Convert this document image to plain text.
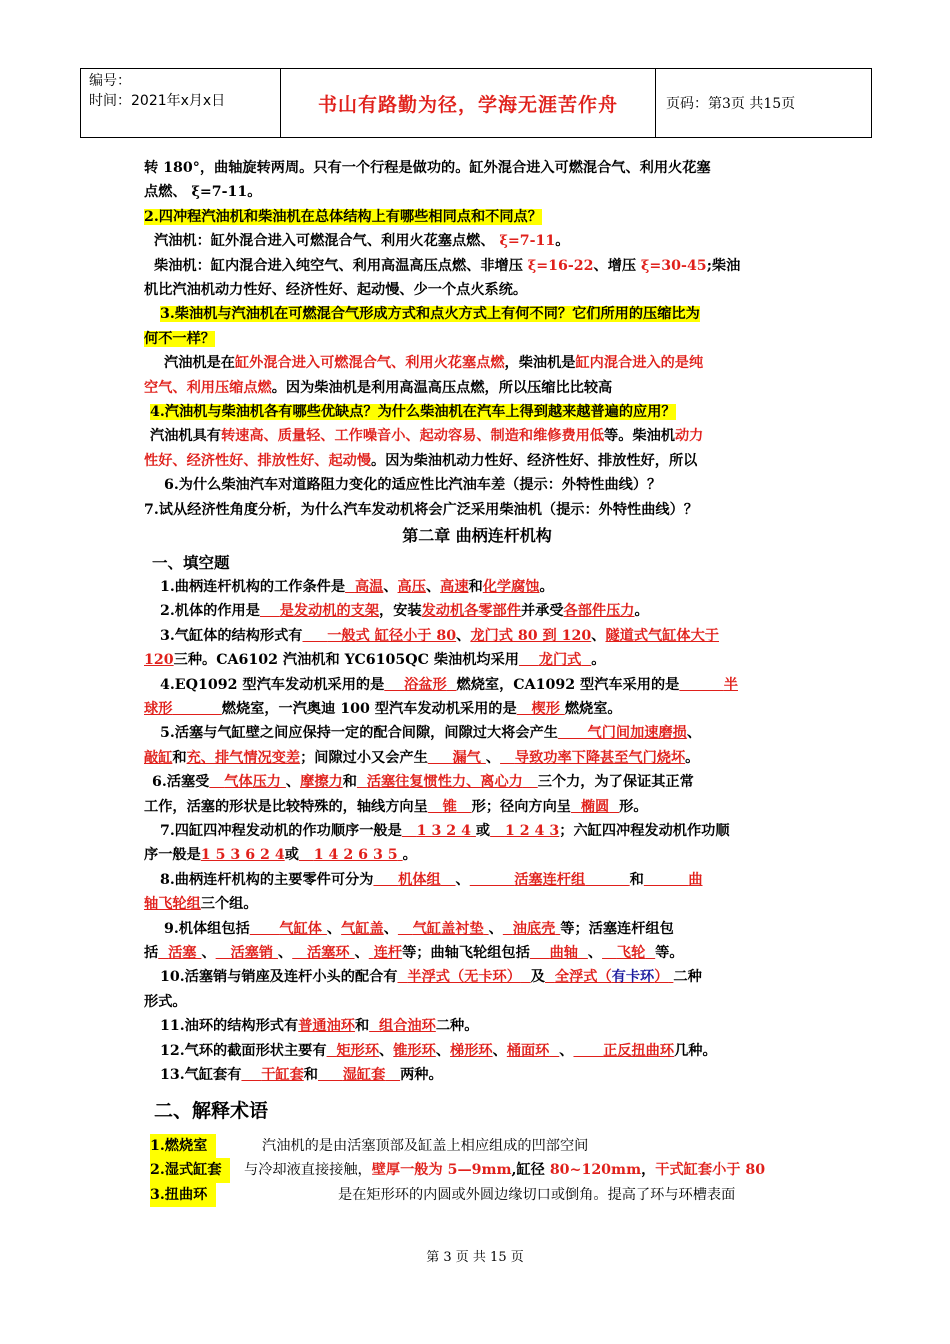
编号：
时间：2021年x月x日	书山有路勤为径，学海无涯苦作舟	页码：第3页 共15页

转 180°，曲轴旋转两周。只有一个行程是做功的。缸外混合进入可燃混合气、利用火花塞

点燃、 ξ=7-11。

2.四冲程汽油机和柴油机在总体结构上有哪些相同点和不同点？

汽油机：缸外混合进入可燃混合气、利用火花塞点燃、 ξ=7-11。

柴油机：缸内混合进入纯空气、利用高温高压点燃、非增压 ξ=16-22、增压 ξ=30-45;柴油

机比汽油机动力性好、经济性好、起动慢、少一个点火系统。

3.柴油机与汽油机在可燃混合气形成方式和点火方式上有何不同？它们所用的压缩比为

何不一样？

汽油机是在缸外混合进入可燃混合气、利用火花塞点燃，柴油机是缸内混合进入的是纯

空气、利用压缩点燃。因为柴油机是利用高温高压点燃，所以压缩比比较高

4.汽油机与柴油机各有哪些优缺点？为什么柴油机在汽车上得到越来越普遍的应用？

汽油机具有转速高、质量轻、工作噪音小、起动容易、制造和维修费用低等。柴油机动力

性好、经济性好、排放性好、起动慢。因为柴油机动力性好、经济性好、排放性好，所以

6.为什么柴油汽车对道路阻力变化的适应性比汽油车差（提示：外特性曲线）？

7.试从经济性角度分析，为什么汽车发动机将会广泛采用柴油机（提示：外特性曲线）？

第二章 曲柄连杆机构

一、填空题

1.曲柄连杆机构的工作条件是 高温、高压、高速和化学腐蚀。

2.机体的作用是 是发动机的支架，安装发动机各零部件并承受各部件压力。

3.气缸体的结构形式有 一般式 缸径小于 80、龙门式 80 到 120、隧道式气缸体大于

120三种。CA6102 汽油机和 YC6105QC 柴油机均采用 龙门式 。

4.EQ1092 型汽车发动机采用的是 浴盆形 燃烧室，CA1092 型汽车采用的是	半

球形	燃烧室，一汽奥迪 100 型汽车发动机采用的是 楔形 燃烧室。

5.活塞与气缸壁之间应保持一定的配合间隙，间隙过大将会产生 气门间加速磨损、

敲缸和充、排气情况变差；间隙过小又会产生 漏气 、 导致功率下降甚至气门烧坏。

6.活塞受 气体压力 、摩擦力和 活塞往复惯性力、离心力 三个力，为了保证其正常

工作，活塞的形状是比较特殊的，轴线方向呈 锥 形；径向方向呈 椭圆 形。

7.四缸四冲程发动机的作功顺序一般是 1 3 2 4 或 1 2 4 3；六缸四冲程发动机作功顺

序一般是1 5 3 6 2 4或 1 4 2 6 3 5 。

8.曲柄连杆机构的主要零件可分为 机体组 、	活塞连杆组	和	曲

轴飞轮组三个组。

9.机体组包括 气缸体 、气缸盖、 气缸盖衬垫 、 油底壳 等；活塞连杆组包

括 活塞 、 活塞销 、 活塞环 、 连杆等；曲轴飞轮组包括 曲轴 、 飞轮 等。

10.活塞销与销座及连杆小头的配合有 半浮式（无卡环） 及 全浮式（有卡环） 二种

形式。

11.油环的结构形式有普通油环和 组合油环二种。

12.气环的截面形状主要有 矩形环、锥形环、梯形环、桶面环 、 正反扭曲环几种。

13.气缸套有 干缸套和 湿缸套 两种。

二、解释术语

1.燃烧室	汽油机的是由活塞顶部及缸盖上相应组成的凹部空间

2.湿式缸套 与冷却液直接接触，壁厚一般为 5—9mm,缸径 80~120mm，干式缸套小于 80

3.扭曲环	是在矩形环的内圆或外圆边缘切口或倒角。提高了环与环槽表面

第 3 页 共 15 页
